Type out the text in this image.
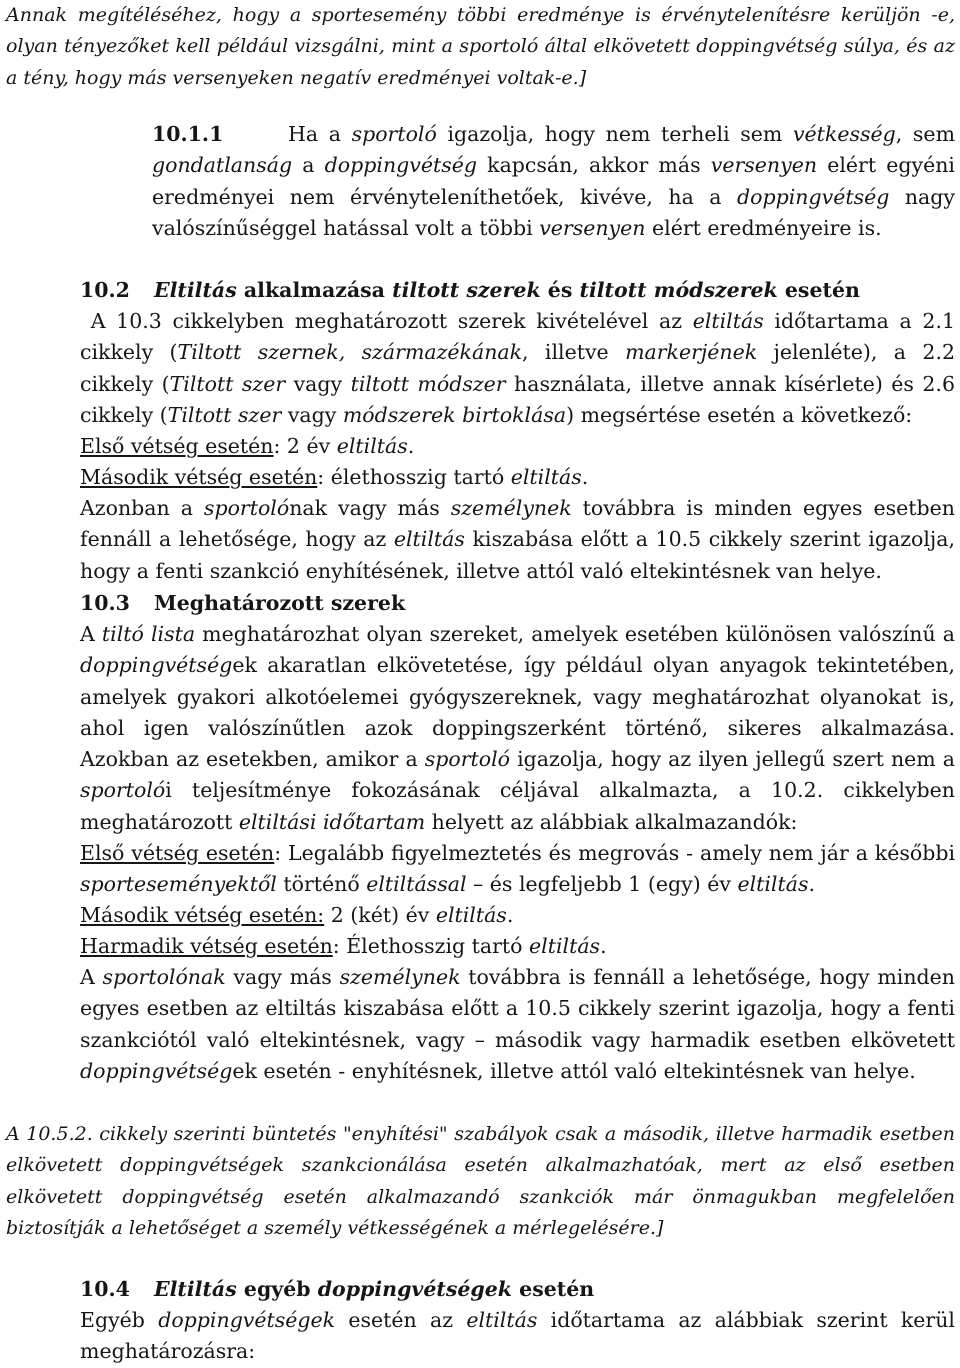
Annak megítéléséhez, hogy a sportesemény többi eredménye is érvénytelenítésre kerüljön -e, olyan tényezőket kell például vizsgálni, mint a sportoló által elkövetett doppingvétség súlya, és az a tény, hogy más versenyeken negatív eredményei voltak-e.]

10.1.1	Ha a sportoló igazolja, hogy nem terheli sem vétkesség, sem gondatlanság a doppingvétség kapcsán, akkor más versenyen elért egyéni eredményei nem érvényteleníthetőek, kivéve, ha a doppingvétség nagy valószínűséggel hatással volt a többi versenyen elért eredményeire is.

10.2 Eltiltás alkalmazása tiltott szerek és tiltott módszerek esetén

A 10.3 cikkelyben meghatározott szerek kivételével az eltiltás időtartama a 2.1 cikkely (Tiltott szernek, származékának, illetve markerjének jelenléte), a 2.2 cikkely (Tiltott szer vagy tiltott módszer használata, illetve annak kísérlete) és 2.6 cikkely (Tiltott szer vagy módszerek birtoklása) megsértése esetén a következő:

Első vétség esetén: 2 év eltiltás.

Második vétség esetén: élethosszig tartó eltiltás.

Azonban a sportolónak vagy más személynek továbbra is minden egyes esetben fennáll a lehetősége, hogy az eltiltás kiszabása előtt a 10.5 cikkely szerint igazolja, hogy a fenti szankció enyhítésének, illetve attól való eltekintésnek van helye.

10.3 Meghatározott szerek

A tiltó lista meghatározhat olyan szereket, amelyek esetében különösen valószínű a doppingvétségek akaratlan elkövetetése, így például olyan anyagok tekintetében, amelyek gyakori alkotóelemei gyógyszereknek, vagy meghatározhat olyanokat is, ahol igen valószínűtlen azok doppingszerként történő, sikeres alkalmazása. Azokban az esetekben, amikor a sportoló igazolja, hogy az ilyen jellegű szert nem a sportolói teljesítménye fokozásának céljával alkalmazta, a 10.2. cikkelyben meghatározott eltiltási időtartam helyett az alábbiak alkalmazandók:

Első vétség esetén: Legalább figyelmeztetés és megrovás - amely nem jár a későbbi sporteseményektől történő eltiltással – és legfeljebb 1 (egy) év eltiltás.

Második vétség esetén: 2 (két) év eltiltás.

Harmadik vétség esetén: Élethosszig tartó eltiltás.

A sportolónak vagy más személynek továbbra is fennáll a lehetősége, hogy minden egyes esetben az eltiltás kiszabása előtt a 10.5 cikkely szerint igazolja, hogy a fenti szankciótól való eltekintésnek, vagy – második vagy harmadik esetben elkövetett doppingvétségek esetén - enyhítésnek, illetve attól való eltekintésnek van helye.

A 10.5.2. cikkely szerinti büntetés "enyhítési" szabályok csak a második, illetve harmadik esetben elkövetett doppingvétségek szankcionálása esetén alkalmazhatóak, mert az első esetben elkövetett doppingvétség esetén alkalmazandó szankciók már önmagukban megfelelően biztosítják a lehetőséget a személy vétkességének a mérlegelésére.]

10.4 Eltiltás egyéb doppingvétségek esetén

Egyéb doppingvétségek esetén az eltiltás időtartama az alábbiak szerint kerül meghatározásra:
